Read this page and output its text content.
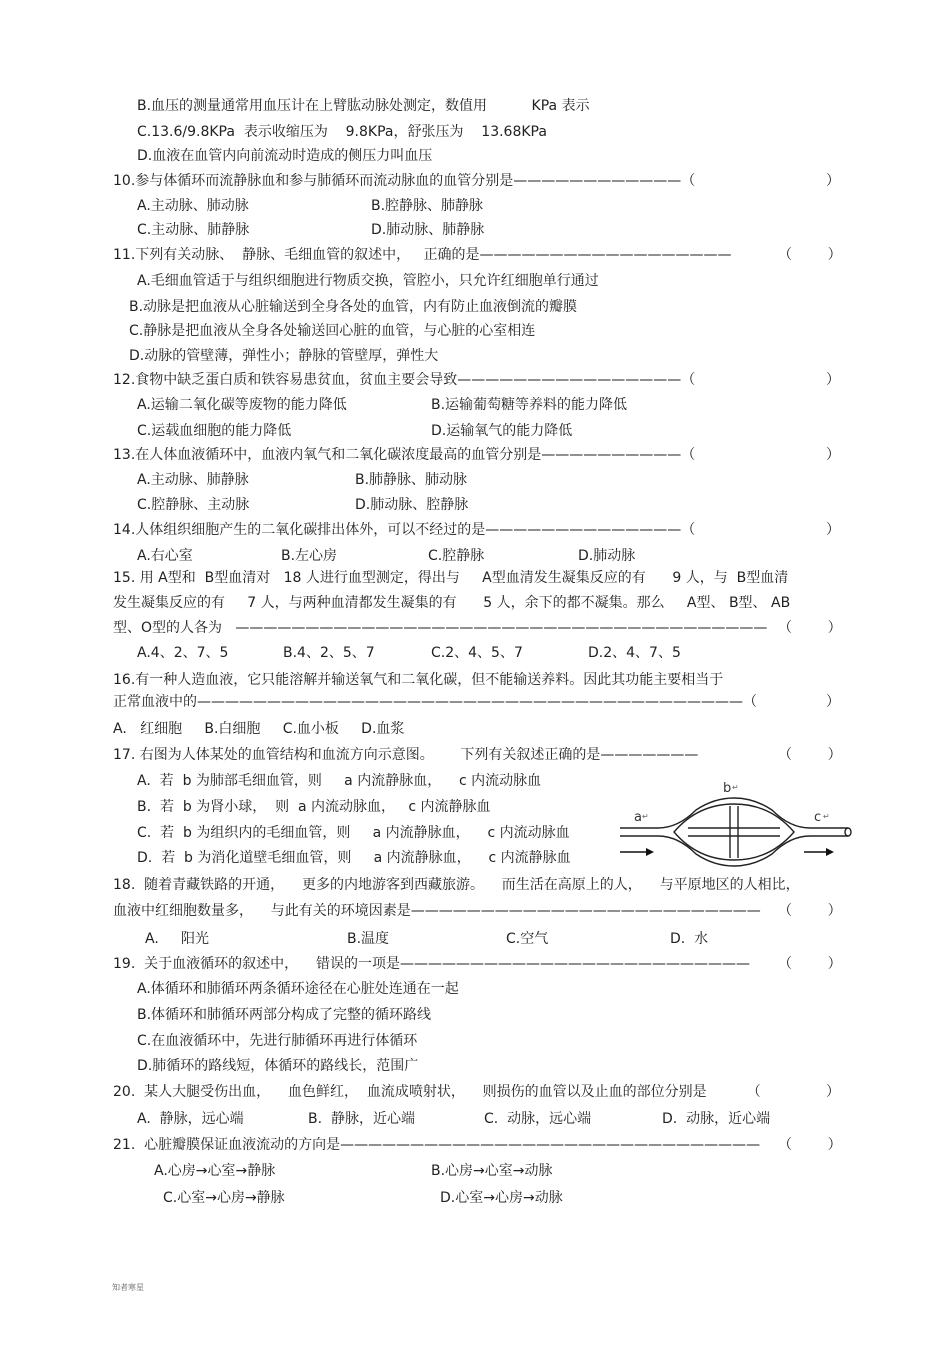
B.血压的测量通常用血压计在上臂肱动脉处测定，数值用          KPa 表示
C.13.6/9.8KPa  表示收缩压为    9.8KPa，舒张压为    13.68KPa
D.血液在血管内向前流动时造成的侧压力叫血压
10.参与体循环而流静脉血和参与肺循环而流动脉血的血管分别是————————————（	）
A.主动脉、肺动脉	B.腔静脉、肺静脉
C.主动脉、肺静脉	D.肺动脉、肺静脉
11.下列有关动脉、  静脉、毛细血管的叙述中，   正确的是——————————————————	（        ）
A.毛细血管适于与组织细胞进行物质交换，管腔小，只允许红细胞单行通过
B.动脉是把血液从心脏输送到全身各处的血管，内有防止血液倒流的瓣膜
C.静脉是把血液从全身各处输送回心脏的血管，与心脏的心室相连
D.动脉的管壁薄，弹性小；静脉的管壁厚，弹性大
12.食物中缺乏蛋白质和铁容易患贫血，贫血主要会导致————————————————（	）
A.运输二氧化碳等废物的能力降低	B.运输葡萄糖等养料的能力降低
C.运载血细胞的能力降低	D.运输氧气的能力降低
13.在人体血液循环中，血液内氧气和二氧化碳浓度最高的血管分别是——————————（	）
A.主动脉、肺静脉	B.肺静脉、肺动脉
C.腔静脉、主动脉	D.肺动脉、腔静脉
14.人体组织细胞产生的二氧化碳排出体外，可以不经过的是——————————————（	）
A.右心室	B.左心房	C.腔静脉	D.肺动脉
15. 用 A型和  B型血清对   18 人进行血型测定，得出与     A型血清发生凝集反应的有      9 人，与  B型血清
发生凝集反应的有     7 人，与两种血清都发生凝集的有      5 人，余下的都不凝集。那么     A型、 B型、 AB
型、O型的人各为   —————————————————————————————————————— （        ）
A.4、2、7、5	B.4、2、5、7	C.2、4、5、7	D.2、4、7、5
16.有一种人造血液，它只能溶解并输送氧气和二氧化碳，但不能输送养料。因此其功能主要相当于
正常血液中的———————————————————————————————————————（	）
A.   红细胞     B.白细胞     C.血小板     D.血浆
17. 右图为人体某处的血管结构和血流方向示意图。      下列有关叙述正确的是———————	（        ）
A.  若  b 为肺部毛细血管，则     a 内流静脉血，    c 内流动脉血
B.  若  b 为肾小球，  则  a 内流动脉血，   c 内流静脉血
C.  若  b 为组织内的毛细血管，则     a 内流静脉血，    c 内流动脉血
D.  若  b 为消化道壁毛细血管，则     a 内流静脉血，    c 内流静脉血
b ↵
a ↵	c ↵
18.  随着青藏铁路的开通，    更多的内地游客到西藏旅游。    而生活在高原上的人，    与平原地区的人相比，
血液中红细胞数量多，    与此有关的环境因素是————————————————————————— （        ）
A.     阳光	B.温度	C.空气	D.  水
19.  关于血液循环的叙述中，    错误的一项是————————————————————————— （        ）
A.体循环和肺循环两条循环途径在心脏处连通在一起
B.体循环和肺循环两部分构成了完整的循环路线
C.在血液循环中，先进行肺循环再进行体循环
D.肺循环的路线短，体循环的路线长，范围广
20.  某人大腿受伤出血，    血色鲜红，  血流成喷射状，    则损伤的血管以及止血的部位分别是         （	）
A.  静脉，远心端	B.  静脉，近心端	C.  动脉，远心端	D.  动脉，近心端
21.  心脏瓣膜保证血液流动的方向是—————————————————————————————— （        ）
A.心房→心室→静脉	B.心房→心室→动脉
C.心室→心房→静脉	D.心室→心房→动脉
知者寒星
